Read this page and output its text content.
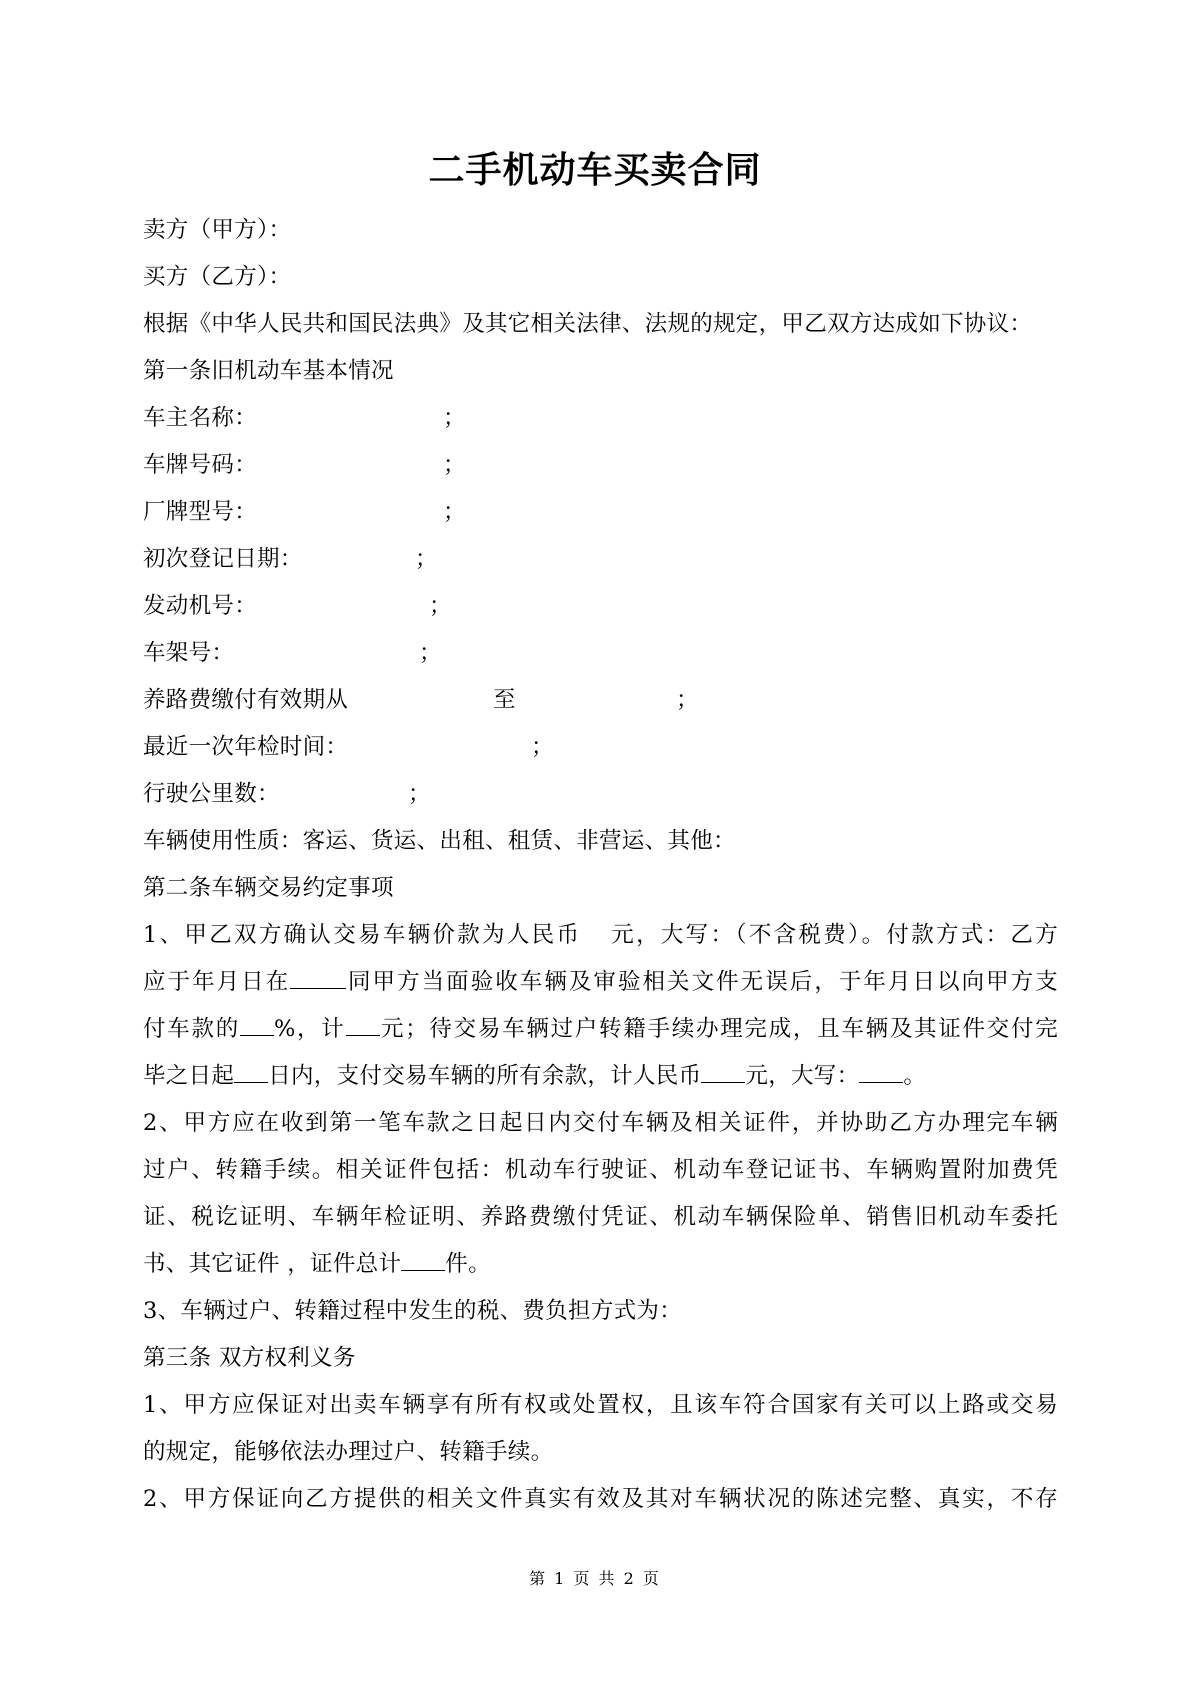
二手机动车买卖合同
卖方（甲方）：
买方（乙方）：
根据《中华人民共和国民法典》及其它相关法律、法规的规定，甲乙双方达成如下协议：
第一条旧机动车基本情况
车主名称：	；
车牌号码：	；
厂牌型号：	；
初次登记日期：	；
发动机号：	；
车架号：	；
养路费缴付有效期从	至	；
最近一次年检时间：	；
行驶公里数：	；
车辆使用性质：客运、货运、出租、租赁、非营运、其他：
第二条车辆交易约定事项
1、甲乙双方确认交易车辆价款为人民币 元，大写：（不含税费）。付款方式：乙方
应于年月日在 同甲方当面验收车辆及审验相关文件无误后，于年月日以向甲方支
付车款的 %，计 元；待交易车辆过户转籍手续办理完成，且车辆及其证件交付完
毕之日起 日内，支付交易车辆的所有余款，计人民币 元，大写： 。
2、甲方应在收到第一笔车款之日起日内交付车辆及相关证件，并协助乙方办理完车辆
过户、转籍手续。相关证件包括：机动车行驶证、机动车登记证书、车辆购置附加费凭
证、税讫证明、车辆年检证明、养路费缴付凭证、机动车辆保险单、销售旧机动车委托
书、其它证件 ，证件总计 件。
3、车辆过户、转籍过程中发生的税、费负担方式为：
第三条 双方权利义务
1、甲方应保证对出卖车辆享有所有权或处置权，且该车符合国家有关可以上路或交易
的规定，能够依法办理过户、转籍手续。
2、甲方保证向乙方提供的相关文件真实有效及其对车辆状况的陈述完整、真实，不存
第 1 页 共 2 页
